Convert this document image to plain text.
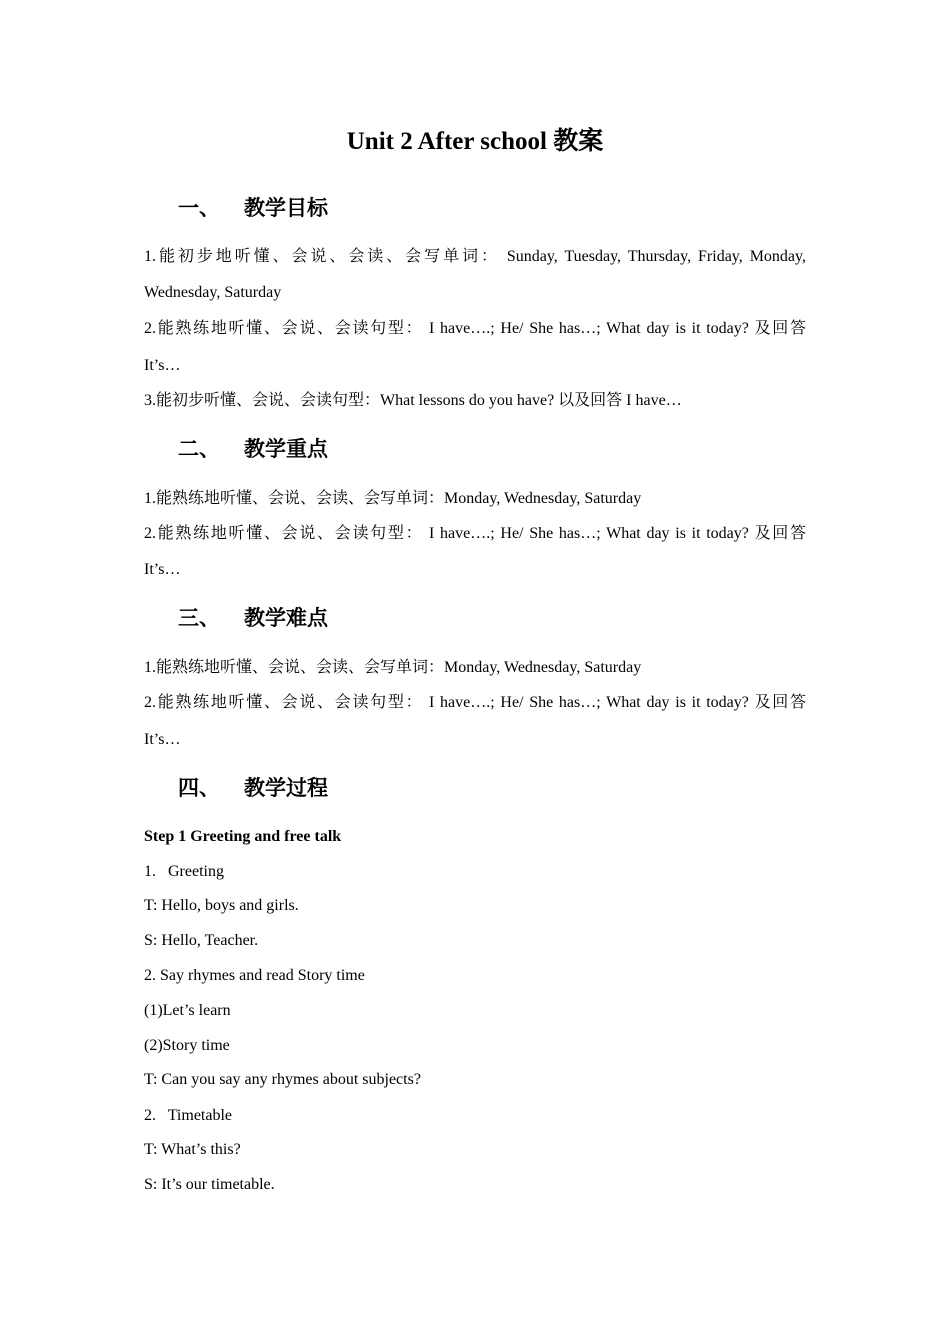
Unit 2 After school 教案
一、 教学目标
1.能初步地听懂、会说、会读、会写单词： Sunday, Tuesday, Thursday, Friday, Monday,
Wednesday, Saturday
2.能熟练地听懂、会说、会读句型： I have….; He/ She has…; What day is it today? 及回答
It’s…
3.能初步听懂、会说、会读句型：What lessons do you have? 以及回答 I have…
二、 教学重点
1.能熟练地听懂、会说、会读、会写单词：Monday, Wednesday, Saturday
2.能熟练地听懂、会说、会读句型： I have….; He/ She has…; What day is it today? 及回答
It’s…
三、 教学难点
1.能熟练地听懂、会说、会读、会写单词：Monday, Wednesday, Saturday
2.能熟练地听懂、会说、会读句型： I have….; He/ She has…; What day is it today? 及回答
It’s…
四、 教学过程
Step 1 Greeting and free talk
1.   Greeting
T: Hello, boys and girls.
S: Hello, Teacher.
2. Say rhymes and read Story time
(1)Let’s learn
(2)Story time
T: Can you say any rhymes about subjects?
2.   Timetable
T: What’s this?
S: It’s our timetable.
